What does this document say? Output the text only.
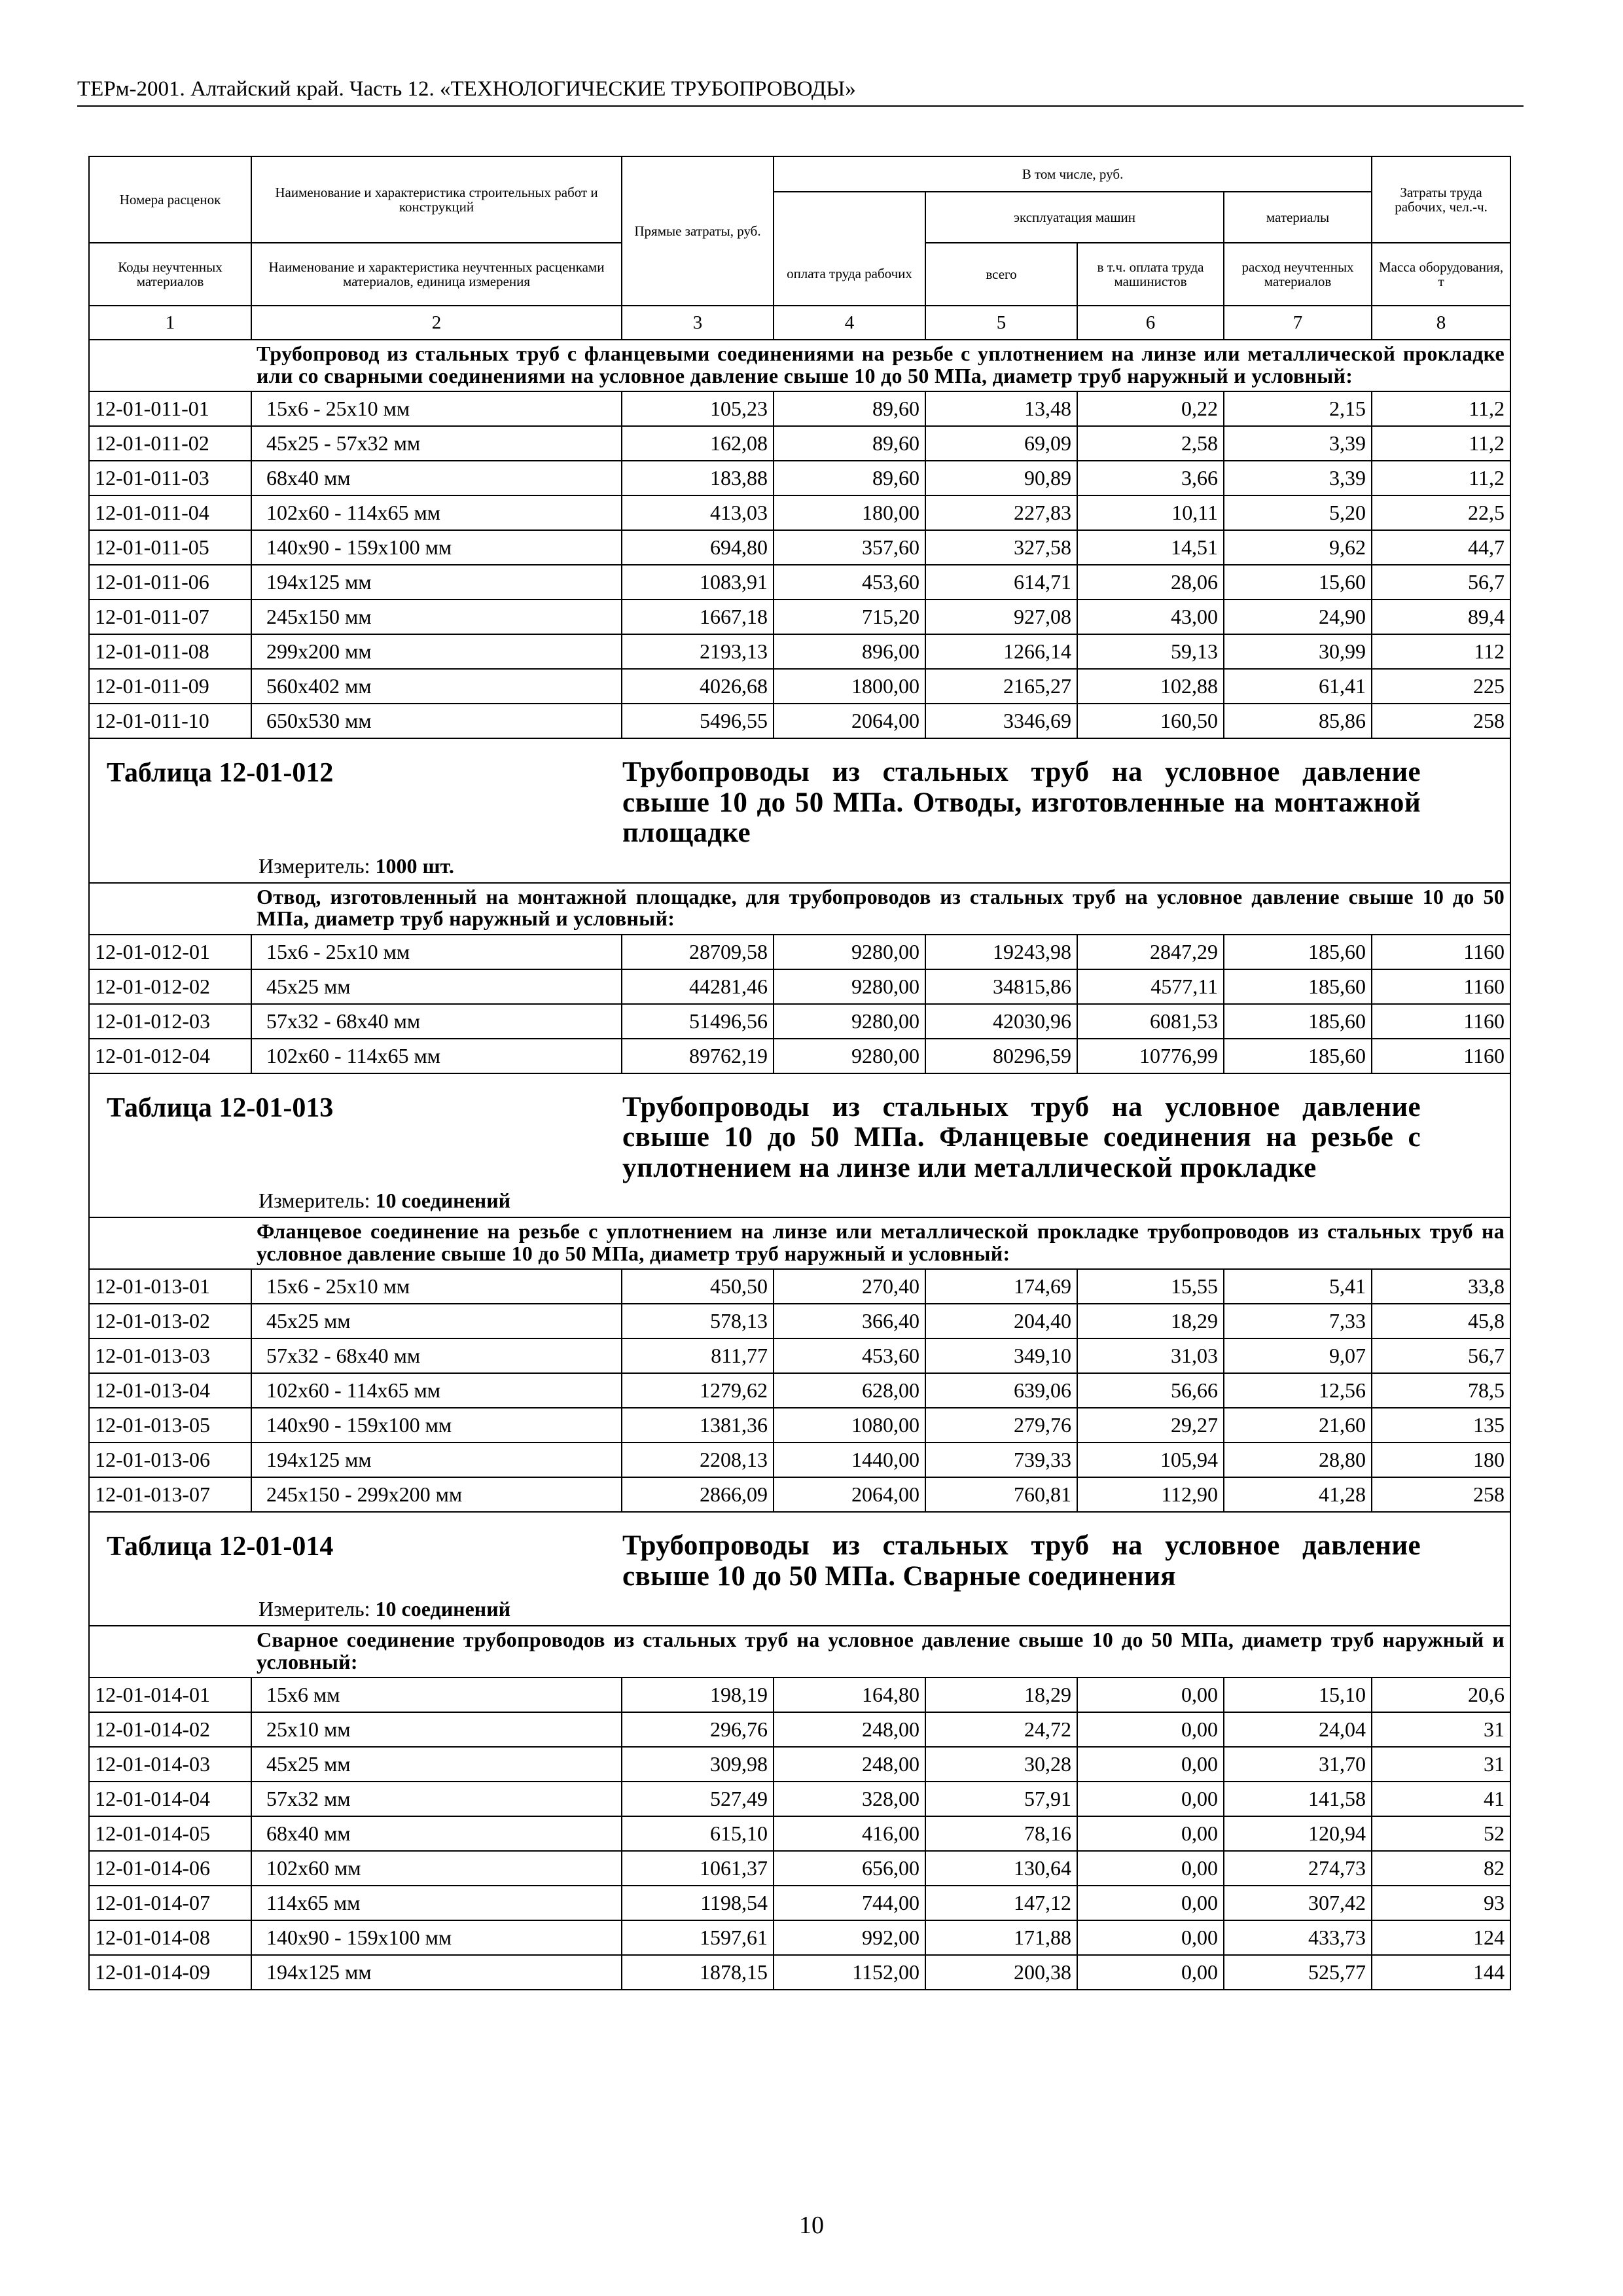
ТЕРм-2001. Алтайский край. Часть 12. «ТЕХНОЛОГИЧЕСКИЕ ТРУБОПРОВОДЫ»
Номера расценок	Наименование и характеристика строительных работ и конструкций	Прямые затраты, руб.	В том числе, руб.				Затраты труда рабочих, чел.-ч.
				эксплуатация машин		материалы	
Коды неучтенных материалов	Наименование и характеристика неучтенных расценками материалов, единица измерения		оплата труда рабочих	всего	в т.ч. оплата труда машинистов	расход неучтенных материалов	Масса оборудования, т
1	2	3	4	5	6	7	8
	Трубопровод из стальных труб с фланцевыми соединениями на резьбе с уплотнением на линзе или металлической прокладке или со сварными соединениями на условное давление свыше 10 до 50 МПа, диаметр труб наружный и условный:						
12-01-011-01	15х6 - 25х10 мм	105,23	89,60	13,48	0,22	2,15	11,2
12-01-011-02	45х25 - 57х32 мм	162,08	89,60	69,09	2,58	3,39	11,2
12-01-011-03	68х40 мм	183,88	89,60	90,89	3,66	3,39	11,2
12-01-011-04	102х60 - 114х65 мм	413,03	180,00	227,83	10,11	5,20	22,5
12-01-011-05	140х90 - 159х100 мм	694,80	357,60	327,58	14,51	9,62	44,7
12-01-011-06	194х125 мм	1083,91	453,60	614,71	28,06	15,60	56,7
12-01-011-07	245х150 мм	1667,18	715,20	927,08	43,00	24,90	89,4
12-01-011-08	299х200 мм	2193,13	896,00	1266,14	59,13	30,99	112
12-01-011-09	560х402 мм	4026,68	1800,00	2165,27	102,88	61,41	225
12-01-011-10	650х530 мм	5496,55	2064,00	3346,69	160,50	85,86	258

Таблица 12-01-012 Трубопроводы из стальных труб на условное давление свыше 10 до 50 МПа. Отводы, изготовленные на монтажной площадке
Измеритель: 1000 шт.							

	Отвод, изготовленный на монтажной площадке, для трубопроводов из стальных труб на условное давление свыше 10 до 50 МПа, диаметр труб наружный и условный:						
12-01-012-01	15х6 - 25х10 мм	28709,58	9280,00	19243,98	2847,29	185,60	1160
12-01-012-02	45х25 мм	44281,46	9280,00	34815,86	4577,11	185,60	1160
12-01-012-03	57х32 - 68х40 мм	51496,56	9280,00	42030,96	6081,53	185,60	1160
12-01-012-04	102х60 - 114х65 мм	89762,19	9280,00	80296,59	10776,99	185,60	1160

Таблица 12-01-013 Трубопроводы из стальных труб на условное давление свыше 10 до 50 МПа. Фланцевые соединения на резьбе с уплотнением на линзе или металлической прокладке
Измеритель: 10 соединений							

	Фланцевое соединение на резьбе с уплотнением на линзе или металлической прокладке трубопроводов из стальных труб на условное давление свыше 10 до 50 МПа, диаметр труб наружный и условный:						
12-01-013-01	15х6 - 25х10 мм	450,50	270,40	174,69	15,55	5,41	33,8
12-01-013-02	45х25 мм	578,13	366,40	204,40	18,29	7,33	45,8
12-01-013-03	57х32 - 68х40 мм	811,77	453,60	349,10	31,03	9,07	56,7
12-01-013-04	102х60 - 114х65 мм	1279,62	628,00	639,06	56,66	12,56	78,5
12-01-013-05	140х90 - 159х100 мм	1381,36	1080,00	279,76	29,27	21,60	135
12-01-013-06	194х125 мм	2208,13	1440,00	739,33	105,94	28,80	180
12-01-013-07	245х150 - 299х200 мм	2866,09	2064,00	760,81	112,90	41,28	258

Таблица 12-01-014 Трубопроводы из стальных труб на условное давление свыше 10 до 50 МПа. Сварные соединения
Измеритель: 10 соединений							

	Сварное соединение трубопроводов из стальных труб на условное давление свыше 10 до 50 МПа, диаметр труб наружный и условный:						
12-01-014-01	15х6 мм	198,19	164,80	18,29	0,00	15,10	20,6
12-01-014-02	25х10 мм	296,76	248,00	24,72	0,00	24,04	31
12-01-014-03	45х25 мм	309,98	248,00	30,28	0,00	31,70	31
12-01-014-04	57х32 мм	527,49	328,00	57,91	0,00	141,58	41
12-01-014-05	68х40 мм	615,10	416,00	78,16	0,00	120,94	52
12-01-014-06	102х60 мм	1061,37	656,00	130,64	0,00	274,73	82
12-01-014-07	114х65 мм	1198,54	744,00	147,12	0,00	307,42	93
12-01-014-08	140х90 - 159х100 мм	1597,61	992,00	171,88	0,00	433,73	124
12-01-014-09	194х125 мм	1878,15	1152,00	200,38	0,00	525,77	144
10
